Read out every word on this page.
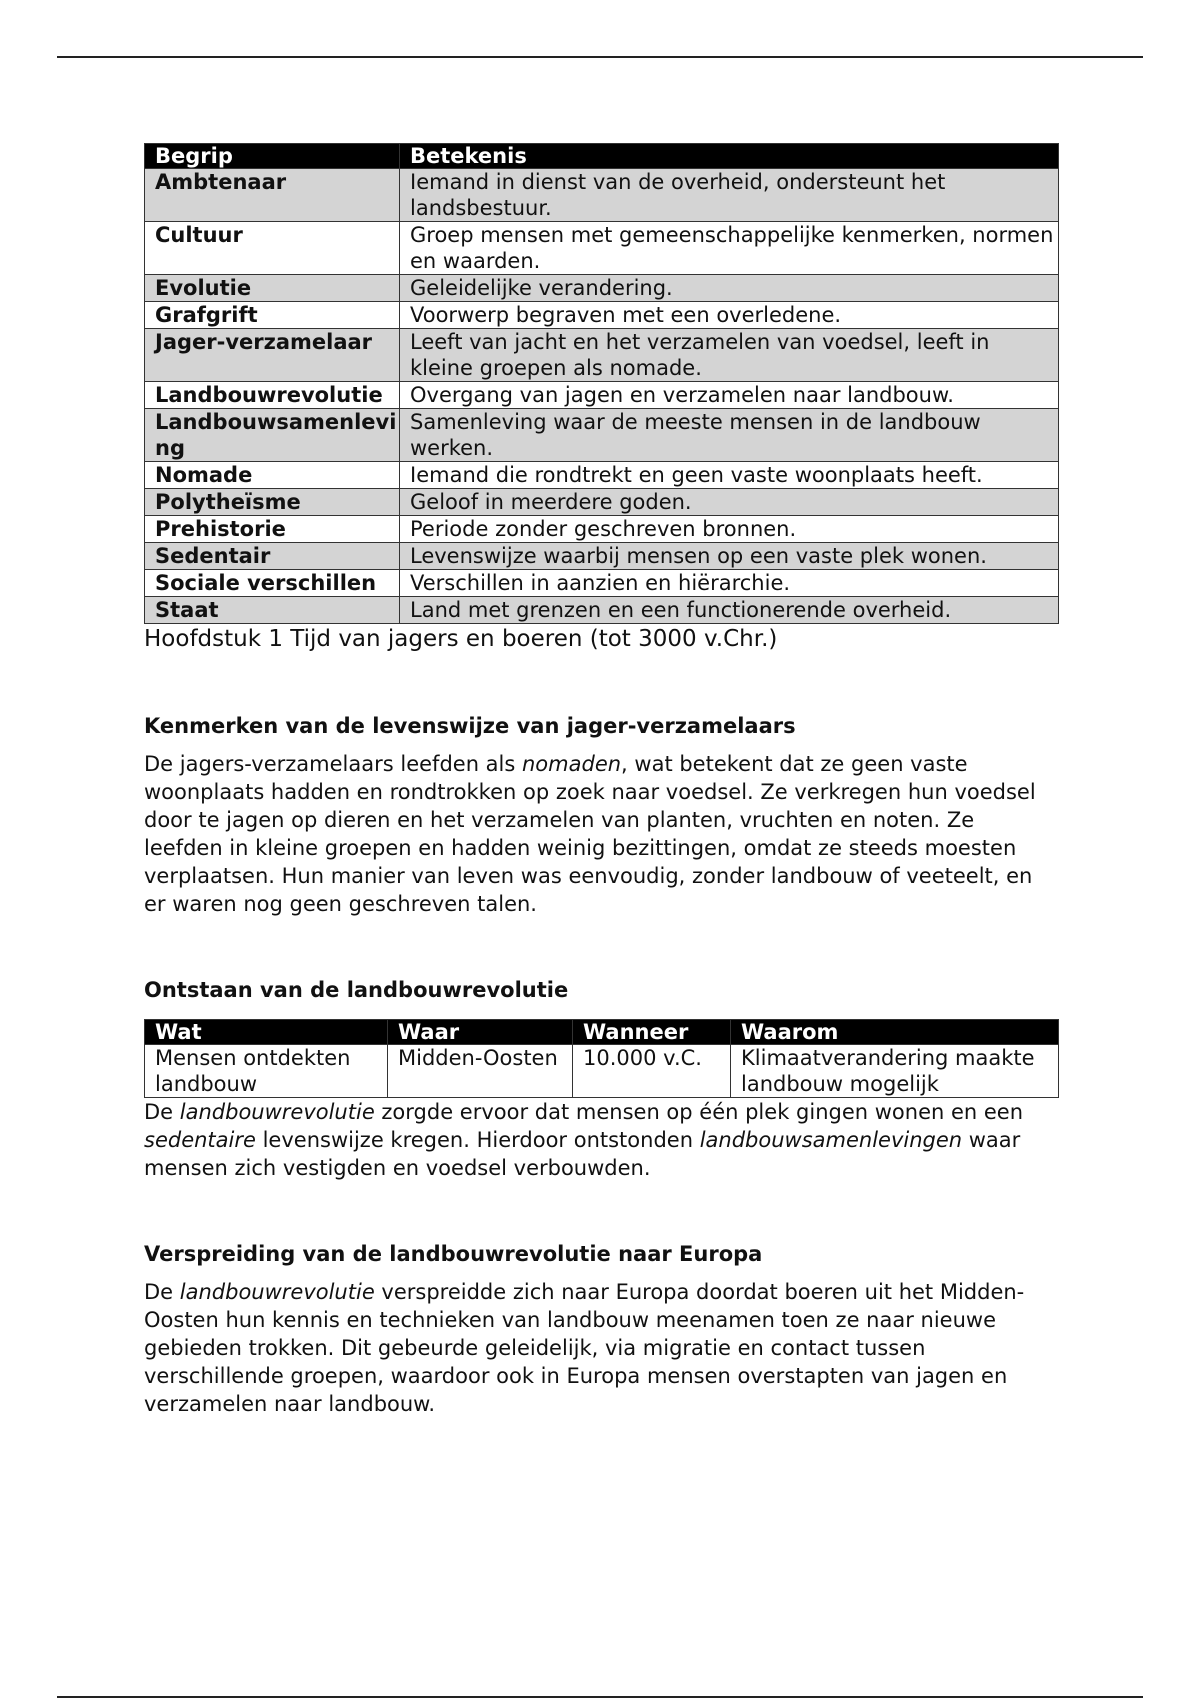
Begrip	Betekenis
Ambtenaar	Iemand in dienst van de overheid, ondersteunt het landsbestuur.
Cultuur	Groep mensen met gemeenschappelijke kenmerken, normen en waarden.
Evolutie	Geleidelijke verandering.
Grafgrift	Voorwerp begraven met een overledene.
Jager-verzamelaar	Leeft van jacht en het verzamelen van voedsel, leeft in kleine groepen als nomade.
Landbouwrevolutie	Overgang van jagen en verzamelen naar landbouw.
Landbouwsamenleving	Samenleving waar de meeste mensen in de landbouw werken.
Nomade	Iemand die rondtrekt en geen vaste woonplaats heeft.
Polytheïsme	Geloof in meerdere goden.
Prehistorie	Periode zonder geschreven bronnen.
Sedentair	Levenswijze waarbij mensen op een vaste plek wonen.
Sociale verschillen	Verschillen in aanzien en hiërarchie.
Staat	Land met grenzen en een functionerende overheid.
Hoofdstuk 1 Tijd van jagers en boeren (tot 3000 v.Chr.)
Kenmerken van de levenswijze van jager-verzamelaars

De jagers-verzamelaars leefden als nomaden, wat betekent dat ze geen vaste woonplaats hadden en rondtrokken op zoek naar voedsel. Ze verkregen hun voedsel door te jagen op dieren en het verzamelen van planten, vruchten en noten. Ze leefden in kleine groepen en hadden weinig bezittingen, omdat ze steeds moesten verplaatsen. Hun manier van leven was eenvoudig, zonder landbouw of veeteelt, en er waren nog geen geschreven talen.

Ontstaan van de landbouwrevolutie
Wat	Waar	Wanneer	Waarom
Mensen ontdekten landbouw	Midden-Oosten	10.000 v.C.	Klimaatverandering maakte landbouw mogelijk

De landbouwrevolutie zorgde ervoor dat mensen op één plek gingen wonen en een sedentaire levenswijze kregen. Hierdoor ontstonden landbouwsamenlevingen waar mensen zich vestigden en voedsel verbouwden.

Verspreiding van de landbouwrevolutie naar Europa

De landbouwrevolutie verspreidde zich naar Europa doordat boeren uit het Midden-Oosten hun kennis en technieken van landbouw meenamen toen ze naar nieuwe gebieden trokken. Dit gebeurde geleidelijk, via migratie en contact tussen verschillende groepen, waardoor ook in Europa mensen overstapten van jagen en verzamelen naar landbouw.
